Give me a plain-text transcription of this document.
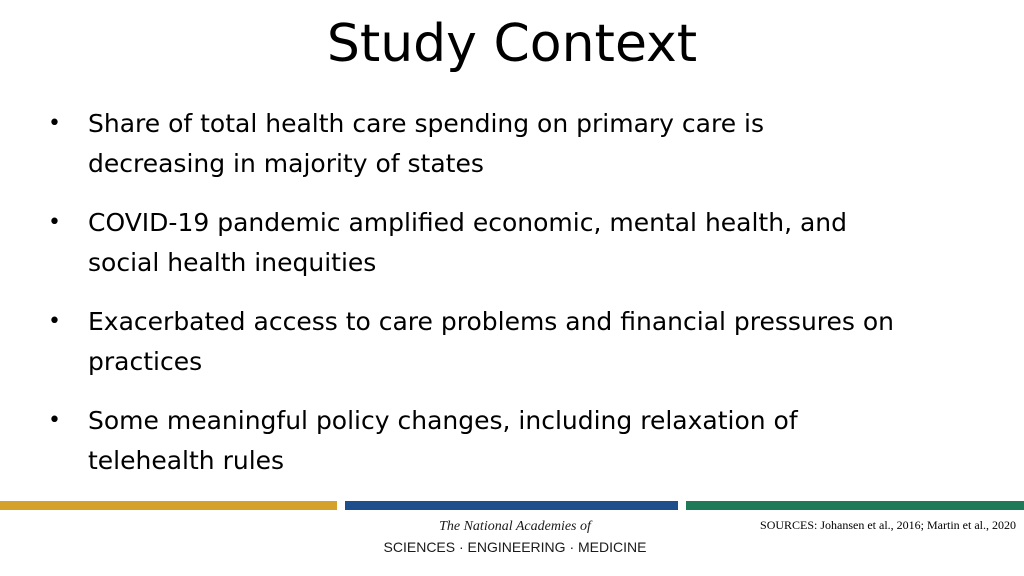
Study Context
• Share of total health care spending on primary care is
decreasing in majority of states
• COVID-19 pandemic amplified economic, mental health, and
social health inequities
• Exacerbated access to care problems and financial pressures on
practices
• Some meaningful policy changes, including relaxation of
telehealth rules
The National Academies of
SCIENCES · ENGINEERING · MEDICINE
SOURCES: Johansen et al., 2016; Martin et al., 2020
